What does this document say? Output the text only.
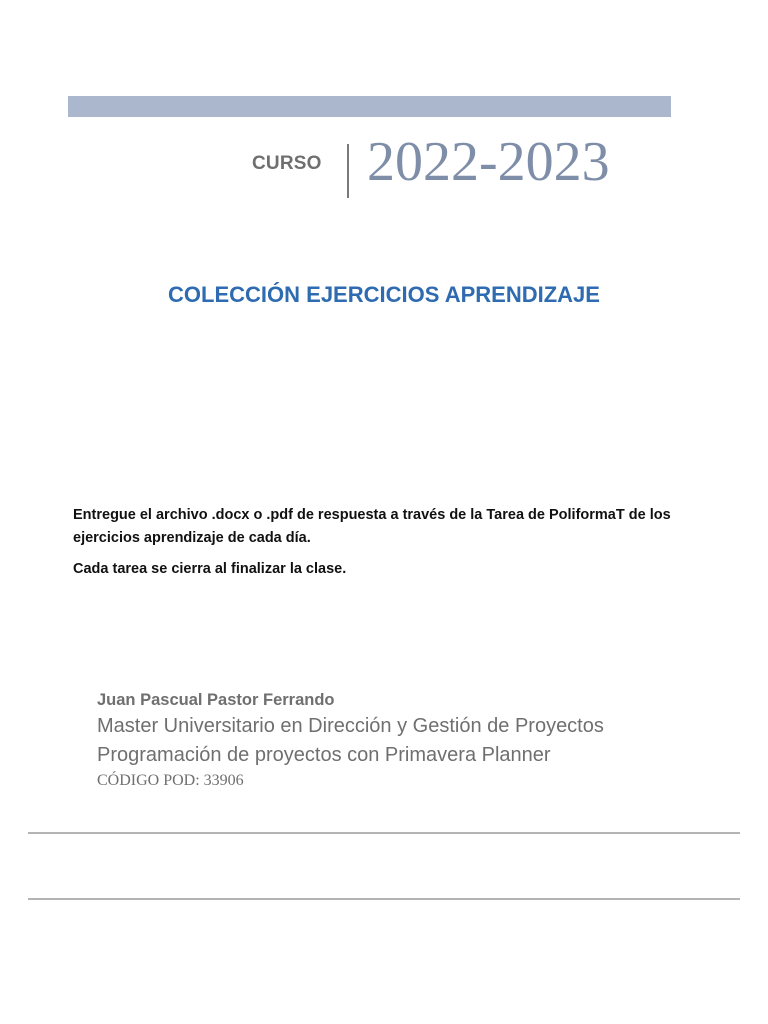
CURSO 2022-2023
COLECCIÓN EJERCICIOS APRENDIZAJE

Entregue el archivo .docx o .pdf de respuesta a través de la Tarea de PoliformaT de los ejercicios aprendizaje de cada día.

Cada tarea se cierra al finalizar la clase.

Juan Pascual Pastor Ferrando
Master Universitario en Dirección y Gestión de Proyectos
Programación de proyectos con Primavera Planner
CÓDIGO POD: 33906
